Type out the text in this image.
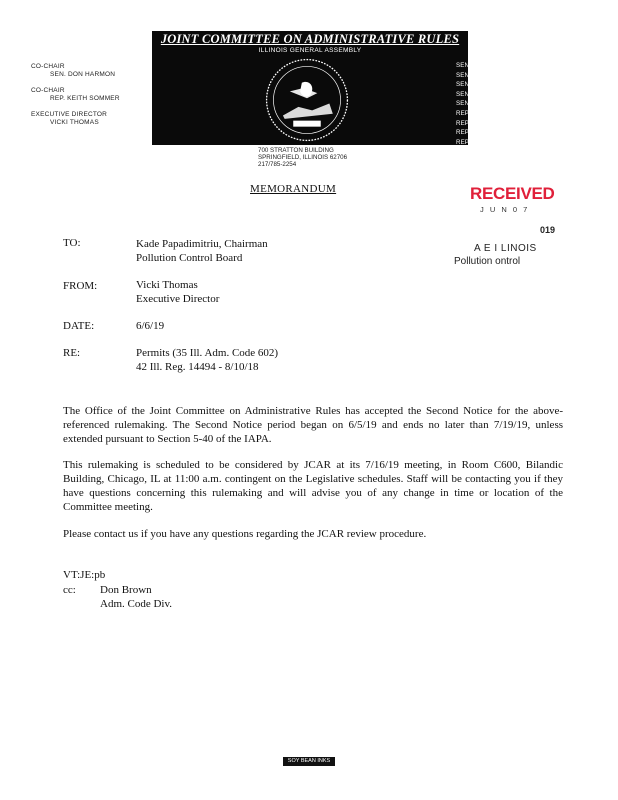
CO-CHAIR
SEN. DON HARMON
CO-CHAIR
REP. KEITH SOMMER
EXECUTIVE DIRECTOR
VICKI THOMAS
JOINT COMMITTEE ON ADMINISTRATIVE RULES
ILLINOIS GENERAL ASSEMBLY
SEN. KIMBERLY LIGHTFORD
SEN. TONY MUNOZ
SEN. SUE REZIN
SEN. PAUL SCHIMPF
SEN. CHUCK WEAVER
REP. TOM DEMMER
REP. MIKE HALPIN
REP. FRANCES ANN HURLEY
REP. STEVEN REICK
REP. ANDRE THAPEDI
700 STRATTON BUILDING
SPRINGFIELD, ILLINOIS 62706
217/785-2254
MEMORANDUM	RECEIVED
J U N 0 7
019
A E I LINOIS
Pollution ontrol
TO:	Kade Papadimitriu, Chairman
Pollution Control Board
FROM:	Vicki Thomas
Executive Director
DATE:	6/6/19
RE:	Permits (35 Ill. Adm. Code 602)
42 Ill. Reg. 14494 - 8/10/18
The Office of the Joint Committee on Administrative Rules has accepted the Second Notice for the above-referenced rulemaking. The Second Notice period began on 6/5/19 and ends no later than 7/19/19, unless extended pursuant to Section 5-40 of the IAPA.
This rulemaking is scheduled to be considered by JCAR at its 7/16/19 meeting, in Room C600, Bilandic Building, Chicago, IL at 11:00 a.m. contingent on the Legislative schedules. Staff will be contacting you if they have questions concerning this rulemaking and will advise you of any change in time or location of the Committee meeting.
Please contact us if you have any questions regarding the JCAR review procedure.
VT:JE:pb
cc: Don Brown
Adm. Code Div.
SOY BEAN INKS
